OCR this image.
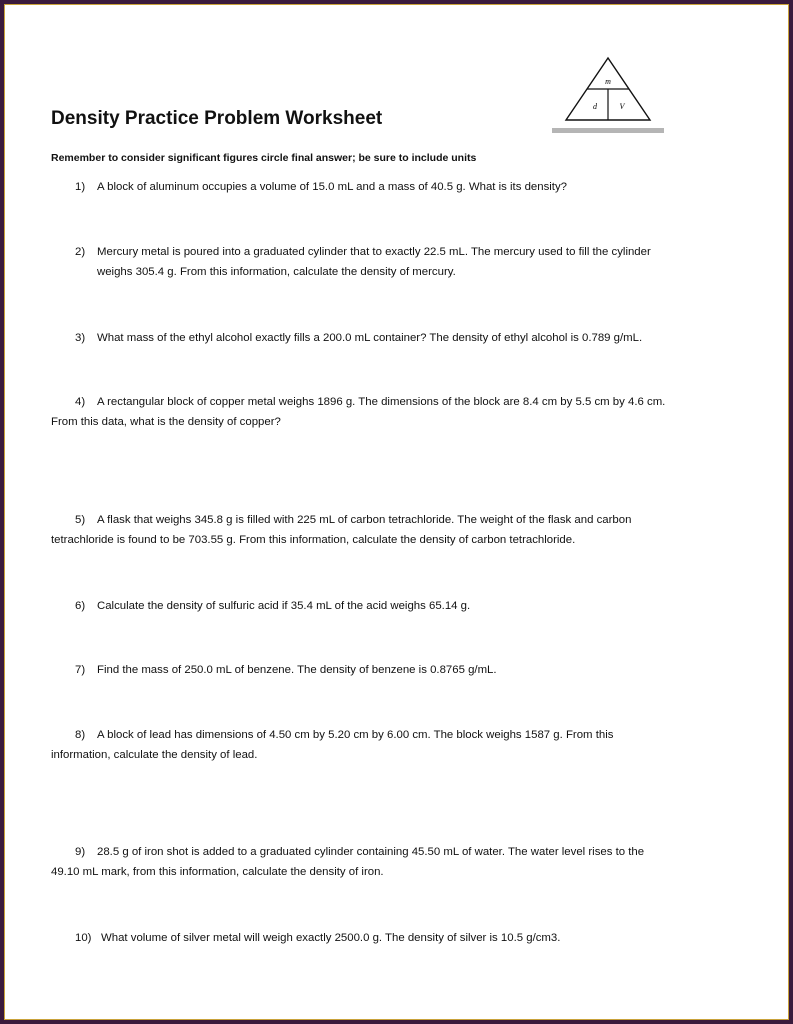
Density Practice Problem Worksheet
m
d	V
Remember to consider significant figures circle final answer; be sure to include units
1) A block of aluminum occupies a volume of 15.0 mL and a mass of 40.5 g. What is its density?
2) Mercury metal is poured into a graduated cylinder that to exactly 22.5 mL. The mercury used to fill the cylinder
weighs 305.4 g. From this information, calculate the density of mercury.
3) What mass of the ethyl alcohol exactly fills a 200.0 mL container? The density of ethyl alcohol is 0.789 g/mL.
4) A rectangular block of copper metal weighs 1896 g. The dimensions of the block are 8.4 cm by 5.5 cm by 4.6 cm.
From this data, what is the density of copper?
5) A flask that weighs 345.8 g is filled with 225 mL of carbon tetrachloride. The weight of the flask and carbon
tetrachloride is found to be 703.55 g. From this information, calculate the density of carbon tetrachloride.
6) Calculate the density of sulfuric acid if 35.4 mL of the acid weighs 65.14 g.
7) Find the mass of 250.0 mL of benzene. The density of benzene is 0.8765 g/mL.
8) A block of lead has dimensions of 4.50 cm by 5.20 cm by 6.00 cm. The block weighs 1587 g. From this
information, calculate the density of lead.
9) 28.5 g of iron shot is added to a graduated cylinder containing 45.50 mL of water. The water level rises to the
49.10 mL mark, from this information, calculate the density of iron.
10) What volume of silver metal will weigh exactly 2500.0 g. The density of silver is 10.5 g/cm3.
